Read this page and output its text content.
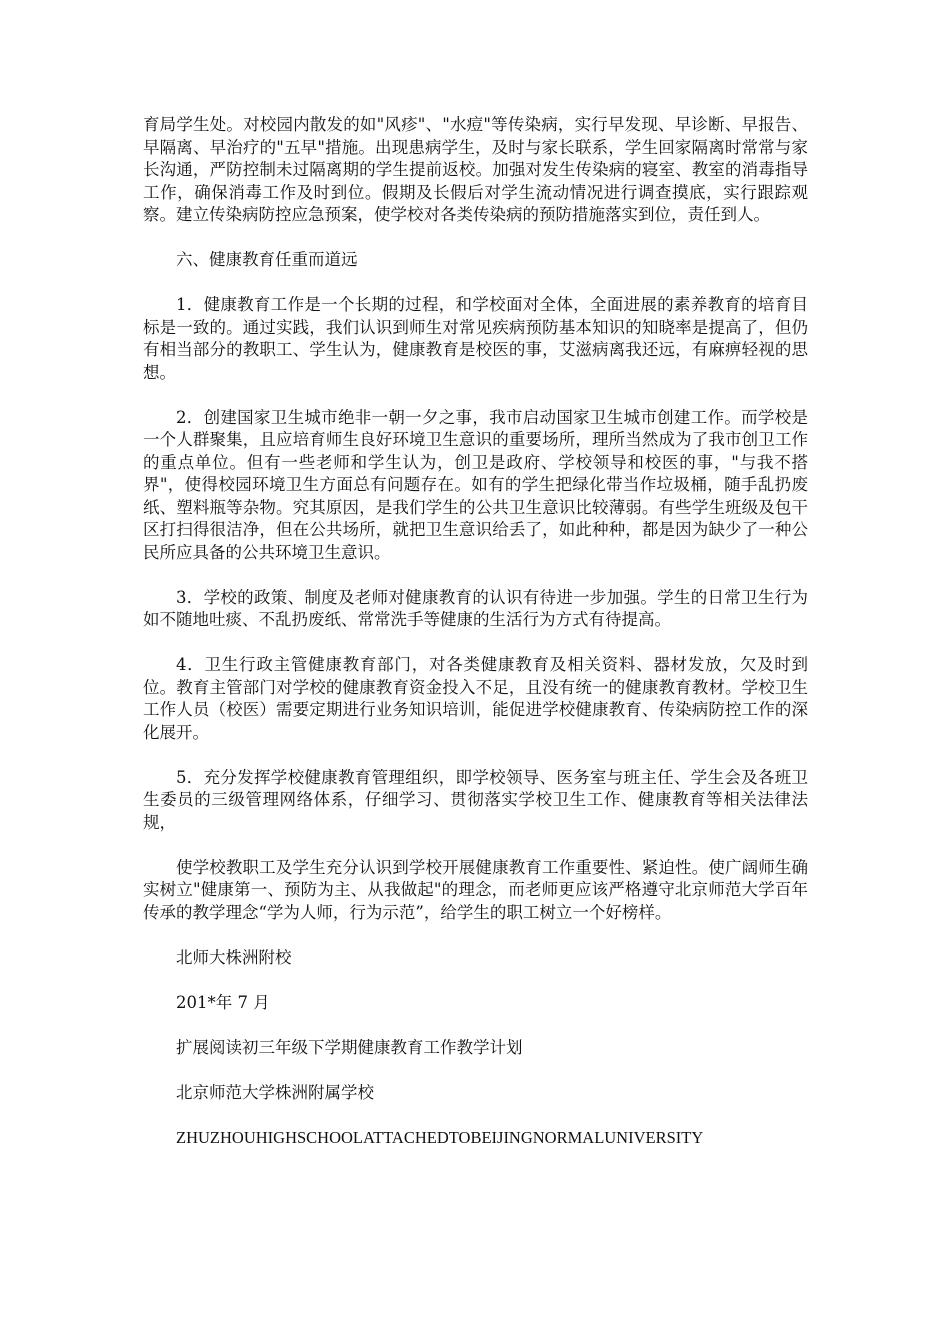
育局学生处。对校园内散发的如"风疹"、"水痘"等传染病，实行早发现、早诊断、早报告、早隔离、早治疗的"五早"措施。出现患病学生，及时与家长联系，学生回家隔离时常常与家长沟通，严防控制未过隔离期的学生提前返校。加强对发生传染病的寝室、教室的消毒指导工作，确保消毒工作及时到位。假期及长假后对学生流动情况进行调查摸底，实行跟踪观察。建立传染病防控应急预案，使学校对各类传染病的预防措施落实到位，责任到人。

六、健康教育任重而道远

1．健康教育工作是一个长期的过程，和学校面对全体，全面进展的素养教育的培育目标是一致的。通过实践，我们认识到师生对常见疾病预防基本知识的知晓率是提高了，但仍有相当部分的教职工、学生认为，健康教育是校医的事，艾滋病离我还远，有麻痹轻视的思想。

2．创建国家卫生城市绝非一朝一夕之事，我市启动国家卫生城市创建工作。而学校是一个人群聚集，且应培育师生良好环境卫生意识的重要场所，理所当然成为了我市创卫工作的重点单位。但有一些老师和学生认为，创卫是政府、学校领导和校医的事，"与我不搭界"，使得校园环境卫生方面总有问题存在。如有的学生把绿化带当作垃圾桶，随手乱扔废纸、塑料瓶等杂物。究其原因，是我们学生的公共卫生意识比较薄弱。有些学生班级及包干区打扫得很洁净，但在公共场所，就把卫生意识给丢了，如此种种，都是因为缺少了一种公民所应具备的公共环境卫生意识。

3．学校的政策、制度及老师对健康教育的认识有待进一步加强。学生的日常卫生行为如不随地吐痰、不乱扔废纸、常常洗手等健康的生活行为方式有待提高。

4．卫生行政主管健康教育部门，对各类健康教育及相关资料、器材发放，欠及时到位。教育主管部门对学校的健康教育资金投入不足，且没有统一的健康教育教材。学校卫生工作人员（校医）需要定期进行业务知识培训，能促进学校健康教育、传染病防控工作的深化展开。

5．充分发挥学校健康教育管理组织，即学校领导、医务室与班主任、学生会及各班卫生委员的三级管理网络体系，仔细学习、贯彻落实学校卫生工作、健康教育等相关法律法规，

使学校教职工及学生充分认识到学校开展健康教育工作重要性、紧迫性。使广阔师生确实树立"健康第一、预防为主、从我做起"的理念，而老师更应该严格遵守北京师范大学百年传承的教学理念“学为人师，行为示范”，给学生的职工树立一个好榜样。

北师大株洲附校

201*年 7 月

扩展阅读初三年级下学期健康教育工作教学计划

北京师范大学株洲附属学校

ZHUZHOUHIGHSCHOOLATTACHEDTOBEIJINGNORMALUNIVERSITY
